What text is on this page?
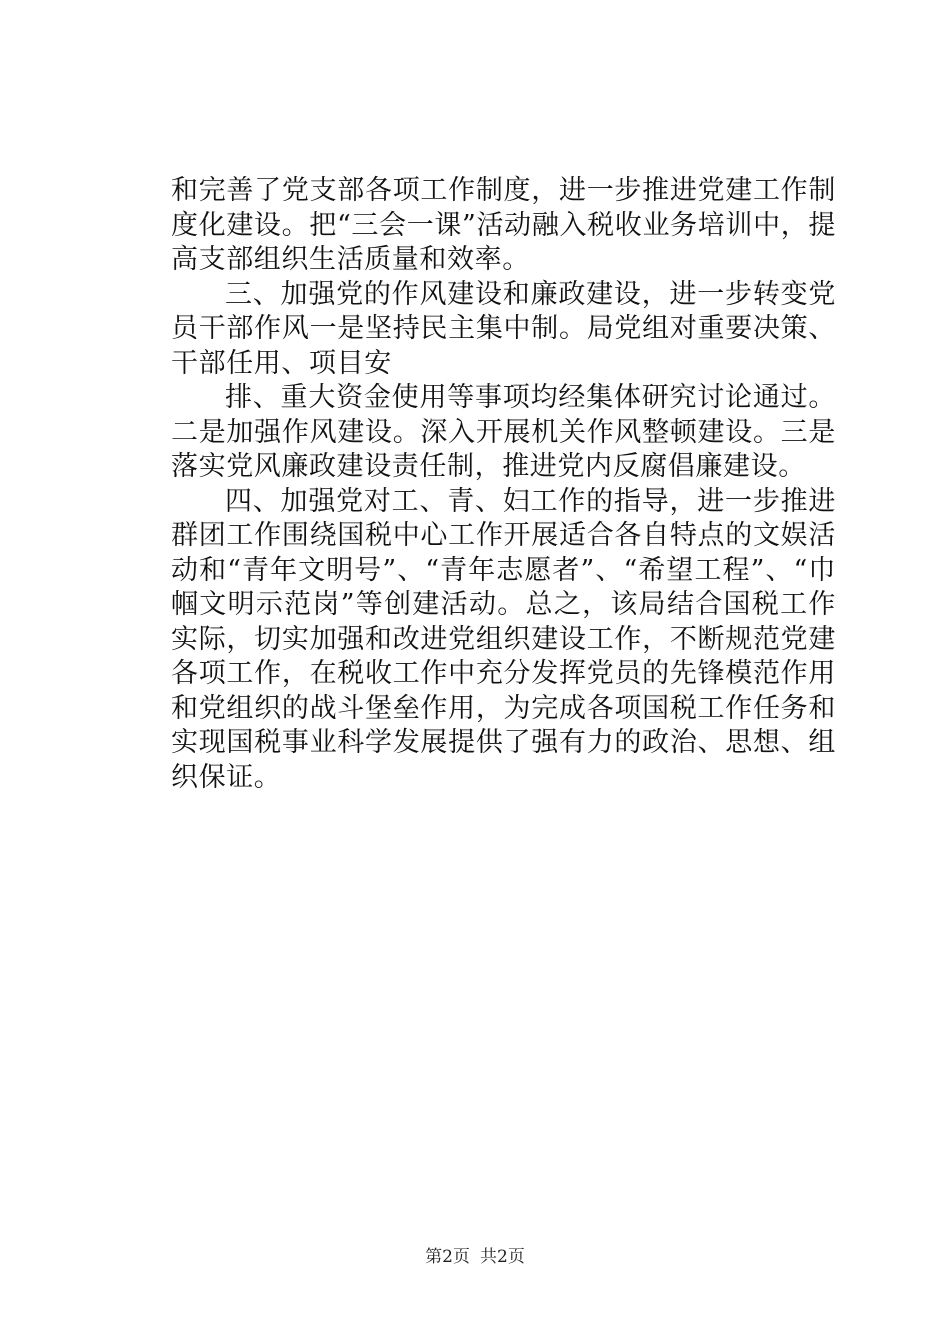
和完善了党支部各项工作制度，进一步推进党建工作制度化建设。把“三会一课”活动融入税收业务培训中，提高支部组织生活质量和效率。

三、加强党的作风建设和廉政建设，进一步转变党员干部作风一是坚持民主集中制。局党组对重要决策、干部任用、项目安

排、重大资金使用等事项均经集体研究讨论通过。二是加强作风建设。深入开展机关作风整顿建设。三是落实党风廉政建设责任制，推进党内反腐倡廉建设。

四、加强党对工、青、妇工作的指导，进一步推进群团工作围绕国税中心工作开展适合各自特点的文娱活动和“青年文明号”、“青年志愿者”、“希望工程”、“巾帼文明示范岗”等创建活动。总之，该局结合国税工作实际，切实加强和改进党组织建设工作，不断规范党建各项工作，在税收工作中充分发挥党员的先锋模范作用和党组织的战斗堡垒作用，为完成各项国税工作任务和实现国税事业科学发展提供了强有力的政治、思想、组织保证。

第2页 共2页
